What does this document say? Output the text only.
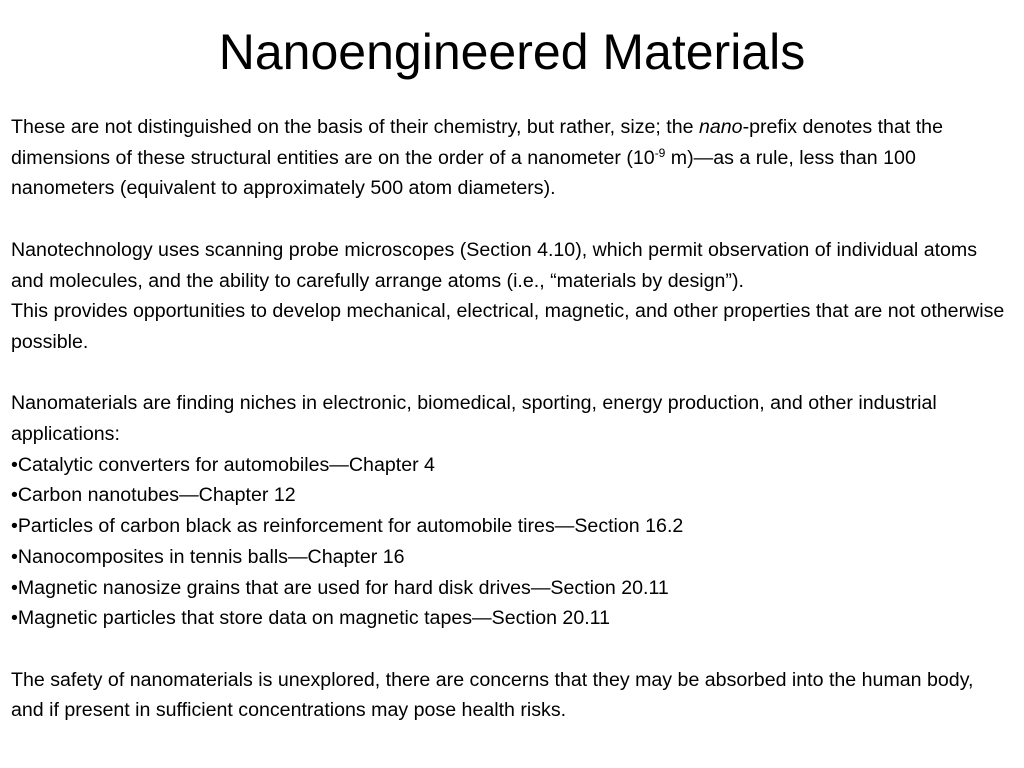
Nanoengineered Materials

These are not distinguished on the basis of their chemistry, but rather, size; the nano-prefix denotes that the dimensions of these structural entities are on the order of a nanometer ($10^{-9}$ m)—as a rule, less than 100 nanometers (equivalent to approximately 500 atom diameters).

Nanotechnology uses scanning probe microscopes (Section 4.10), which permit observation of individual atoms and molecules, and the ability to carefully arrange atoms (i.e., “materials by design”).

This provides opportunities to develop mechanical, electrical, magnetic, and other properties that are not otherwise possible.

Nanomaterials are finding niches in electronic, biomedical, sporting, energy production, and other industrial applications:

•Catalytic converters for automobiles—Chapter 4
•Carbon nanotubes—Chapter 12
•Particles of carbon black as reinforcement for automobile tires—Section 16.2
•Nanocomposites in tennis balls—Chapter 16
•Magnetic nanosize grains that are used for hard disk drives—Section 20.11
•Magnetic particles that store data on magnetic tapes—Section 20.11

The safety of nanomaterials is unexplored, there are concerns that they may be absorbed into the human body, and if present in sufficient concentrations may pose health risks.
